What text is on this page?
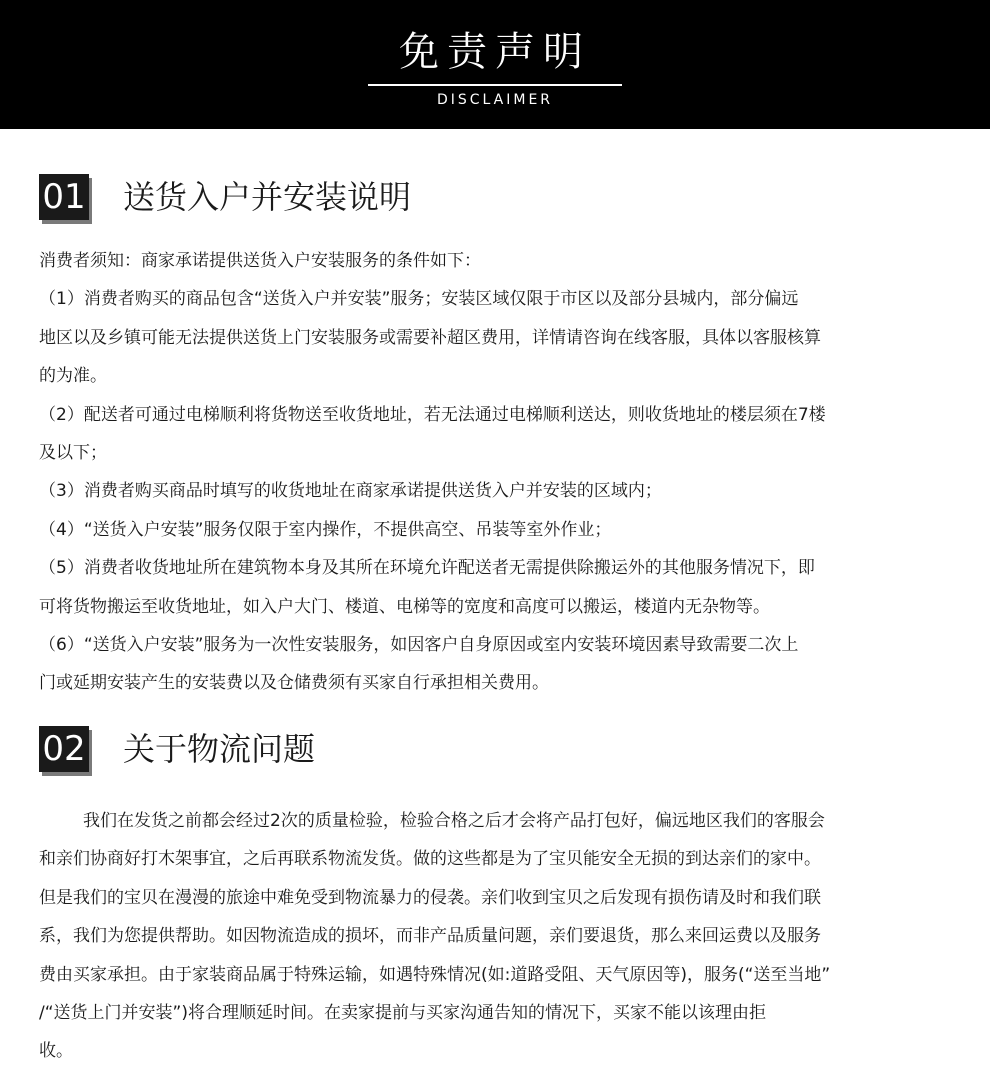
免责声明
DISCLAIMER
01 送货入户并安装说明
消费者须知：商家承诺提供送货入户安装服务的条件如下：
（1）消费者购买的商品包含“送货入户并安装”服务；安装区域仅限于市区以及部分县城内，部分偏远
地区以及乡镇可能无法提供送货上门安装服务或需要补超区费用，详情请咨询在线客服，具体以客服核算
的为准。
（2）配送者可通过电梯顺利将货物送至收货地址，若无法通过电梯顺利送达，则收货地址的楼层须在7楼
及以下；
（3）消费者购买商品时填写的收货地址在商家承诺提供送货入户并安装的区域内；
（4）“送货入户安装”服务仅限于室内操作，不提供高空、吊装等室外作业；
（5）消费者收货地址所在建筑物本身及其所在环境允许配送者无需提供除搬运外的其他服务情况下，即
可将货物搬运至收货地址，如入户大门、楼道、电梯等的宽度和高度可以搬运，楼道内无杂物等。
（6）“送货入户安装”服务为一次性安装服务，如因客户自身原因或室内安装环境因素导致需要二次上
门或延期安装产生的安装费以及仓储费须有买家自行承担相关费用。
02 关于物流问题
我们在发货之前都会经过2次的质量检验，检验合格之后才会将产品打包好，偏远地区我们的客服会
和亲们协商好打木架事宜，之后再联系物流发货。做的这些都是为了宝贝能安全无损的到达亲们的家中。
但是我们的宝贝在漫漫的旅途中难免受到物流暴力的侵袭。亲们收到宝贝之后发现有损伤请及时和我们联
系，我们为您提供帮助。如因物流造成的损坏，而非产品质量问题，亲们要退货，那么来回运费以及服务
费由买家承担。由于家装商品属于特殊运输，如遇特殊情况(如:道路受阻、天气原因等)，服务(“送至当地”
/“送货上门并安装”)将合理顺延时间。在卖家提前与买家沟通告知的情况下，买家不能以该理由拒
收。
